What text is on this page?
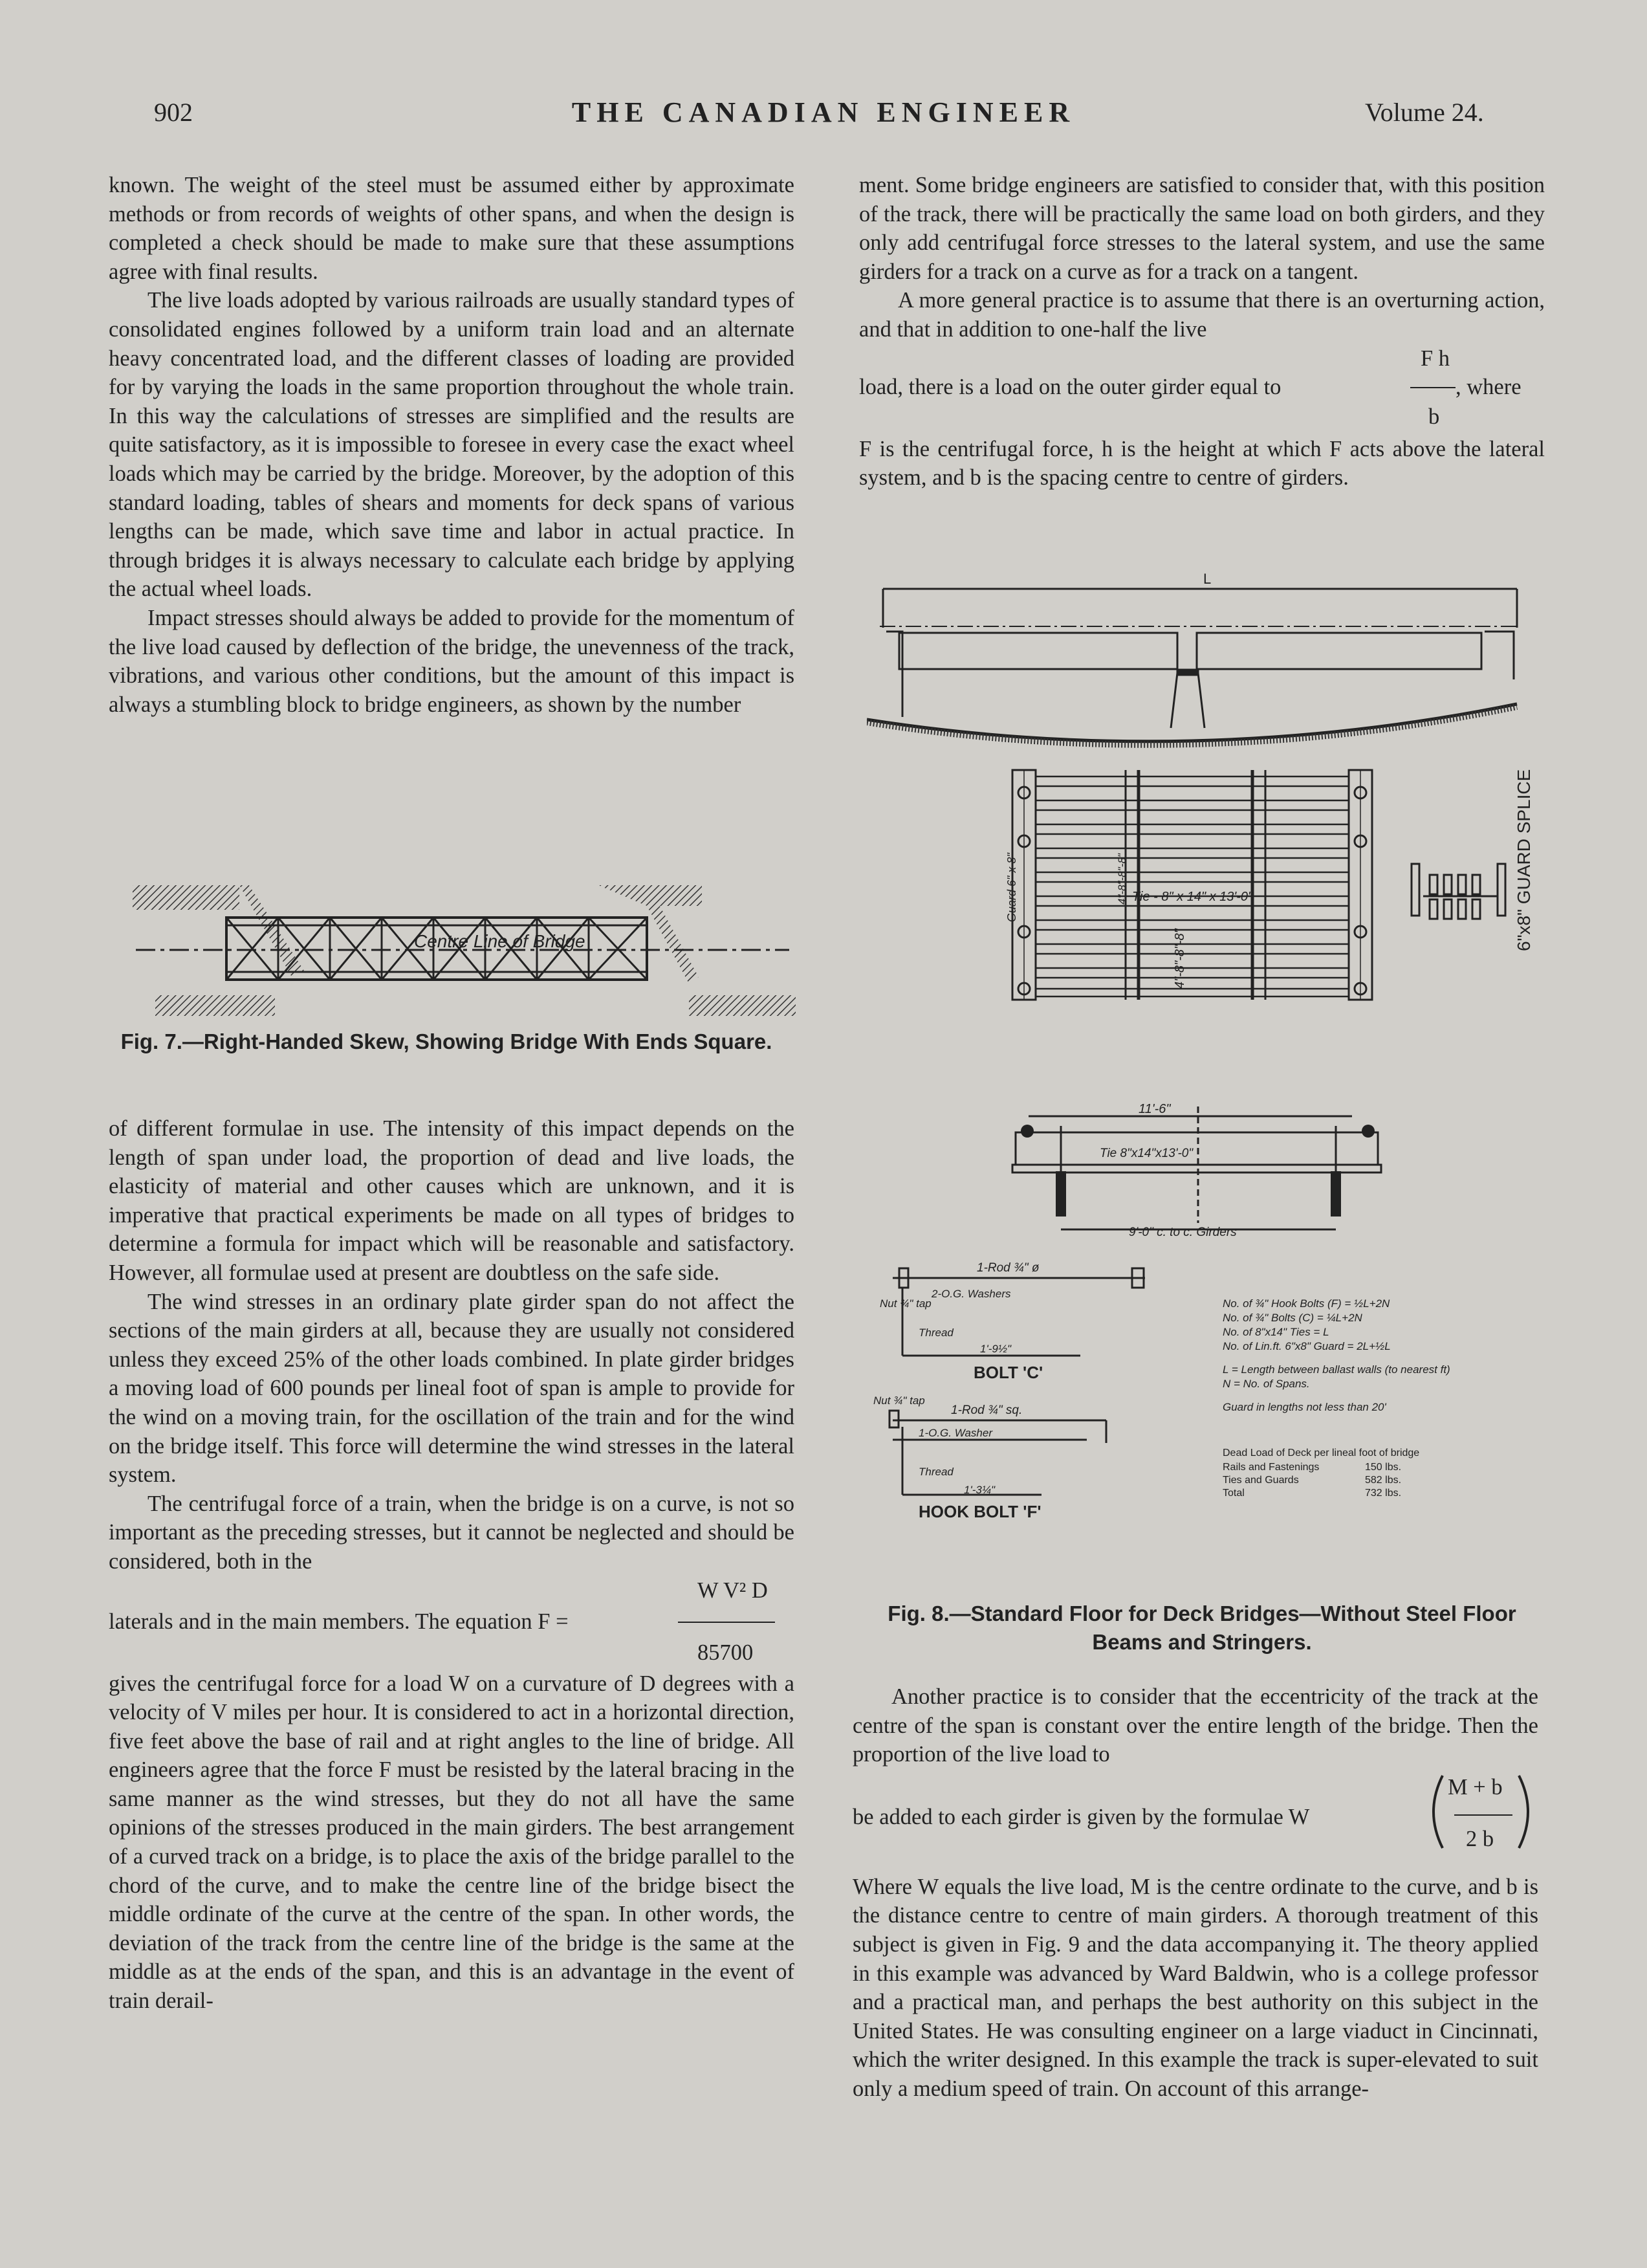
902	THE CANADIAN ENGINEER	Volume 24.

known. The weight of the steel must be assumed either by approximate methods or from records of weights of other spans, and when the design is completed a check should be made to make sure that these assumptions agree with final results.

The live loads adopted by various railroads are usually standard types of consolidated engines followed by a uniform train load and an alternate heavy concentrated load, and the different classes of loading are provided for by varying the loads in the same proportion throughout the whole train. In this way the calculations of stresses are simplified and the results are quite satisfactory, as it is impossible to foresee in every case the exact wheel loads which may be carried by the bridge. Moreover, by the adoption of this standard loading, tables of shears and moments for deck spans of various lengths can be made, which save time and labor in actual practice. In through bridges it is always necessary to calculate each bridge by applying the actual wheel loads.

Impact stresses should always be added to provide for the momentum of the live load caused by deflection of the bridge, the unevenness of the track, vibrations, and various other conditions, but the amount of this impact is always a stumbling block to bridge engineers, as shown by the number

Centre Line of Bridge
Fig. 7.—Right-Handed Skew, Showing Bridge With Ends Square.

of different formulae in use. The intensity of this impact depends on the length of span under load, the proportion of dead and live loads, the elasticity of material and other causes which are unknown, and it is imperative that practical experiments be made on all types of bridges to determine a formula for impact which will be reasonable and satisfactory. However, all formulae used at present are doubtless on the safe side.

The wind stresses in an ordinary plate girder span do not affect the sections of the main girders at all, because they are usually not considered unless they exceed 25% of the other loads combined. In plate girder bridges a moving load of 600 pounds per lineal foot of span is ample to provide for the wind on a moving train, for the oscillation of the train and for the wind on the bridge itself. This force will determine the wind stresses in the lateral system.

The centrifugal force of a train, when the bridge is on a curve, is not so important as the preceding stresses, but it cannot be neglected and should be considered, both in the

laterals and in the main members. The equation F =
W V² D
85700

gives the centrifugal force for a load W on a curvature of D degrees with a velocity of V miles per hour. It is considered to act in a horizontal direction, five feet above the base of rail and at right angles to the line of bridge. All engineers agree that the force F must be resisted by the lateral bracing in the same manner as the wind stresses, but they do not all have the same opinions of the stresses produced in the main girders. The best arrangement of a curved track on a bridge, is to place the axis of the bridge parallel to the chord of the curve, and to make the centre line of the bridge bisect the middle ordinate of the curve at the centre of the span. In other words, the deviation of the track from the centre line of the bridge is the same at the middle as at the ends of the span, and this is an advantage in the event of train derail-

ment. Some bridge engineers are satisfied to consider that, with this position of the track, there will be practically the same load on both girders, and they only add centrifugal force stresses to the lateral system, and use the same girders for a track on a curve as for a track on a tangent.

A more general practice is to assume that there is an overturning action, and that in addition to one-half the live

load, there is a load on the outer girder equal to
F h
, where
b

F is the centrifugal force, h is the height at which F acts above the lateral system, and b is the spacing centre to centre of girders.

L
4"-8"-8"-8"
4"-8"-8"-8"
Tie - 8" x 14" x 13'-0"
Guard 6" x 8"	6"x8" GUARD SPLICE
11'-6"
Tie 8"x14"x13'-0"
9'-0" c. to c. Girders
Nut ¾" tap
1-Rod ¾" ø
2-O.G. Washers
Thread
1'-9½"
BOLT 'C'
Nut ¾" tap
1-Rod ¾" sq.
1-O.G. Washer
Thread
1'-3¼"
HOOK BOLT 'F'
No. of ¾" Hook Bolts (F) = ½L+2N
No. of ¾" Bolts (C) = ¼L+2N
No. of 8"x14" Ties = L
No. of Lin.ft. 6"x8" Guard = 2L+½L
L = Length between ballast walls (to nearest ft)
N = No. of Spans.
Guard in lengths not less than 20'
Dead Load of Deck per lineal foot of bridge
Rails and Fastenings	150 lbs.
Ties and Guards	582 lbs.
Total	732 lbs.
Fig. 8.—Standard Floor for Deck Bridges—Without Steel Floor Beams and Stringers.

Another practice is to consider that the eccentricity of the track at the centre of the span is constant over the entire length of the bridge. Then the proportion of the live load to

be added to each girder is given by the formulae W
M + b
2 b

Where W equals the live load, M is the centre ordinate to the curve, and b is the distance centre to centre of main girders. A thorough treatment of this subject is given in Fig. 9 and the data accompanying it. The theory applied in this example was advanced by Ward Baldwin, who is a college professor and a practical man, and perhaps the best authority on this subject in the United States. He was consulting engineer on a large viaduct in Cincinnati, which the writer designed. In this example the track is super-elevated to suit only a medium speed of train. On account of this arrange-
